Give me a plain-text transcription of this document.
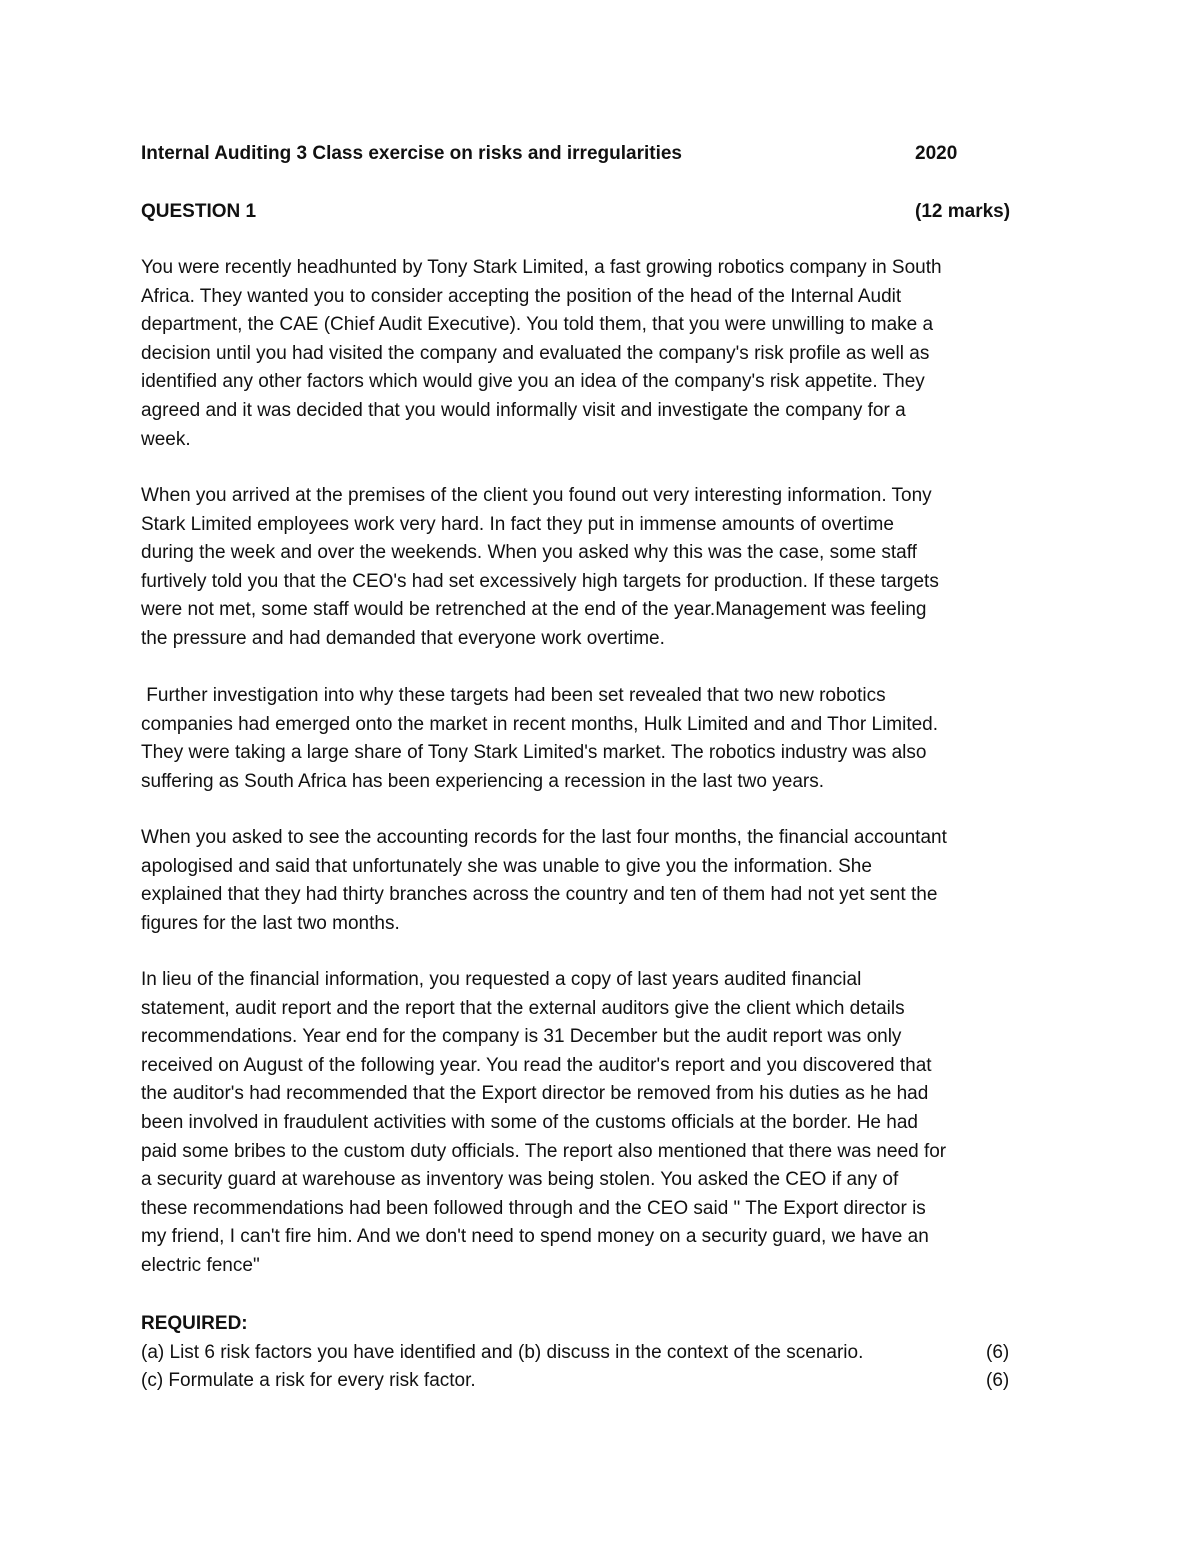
Internal Auditing 3 Class exercise on risks and irregularities	2020
QUESTION 1	(12 marks)
You were recently headhunted by Tony Stark Limited, a fast growing robotics company in South
Africa. They wanted you to consider accepting the position of the head of the Internal Audit
department, the CAE (Chief Audit Executive). You told them, that you were unwilling to make a
decision until you had visited the company and evaluated the company's risk profile as well as
identified any other factors which would give you an idea of the company's risk appetite. They
agreed and it was decided that you would informally visit and investigate the company for a
week.
When you arrived at the premises of the client you found out very interesting information. Tony
Stark Limited employees work very hard. In fact they put in immense amounts of overtime
during the week and over the weekends. When you asked why this was the case, some staff
furtively told you that the CEO's had set excessively high targets for production. If these targets
were not met, some staff would be retrenched at the end of the year.Management was feeling
the pressure and had demanded that everyone work overtime.
Further investigation into why these targets had been set revealed that two new robotics
companies had emerged onto the market in recent months, Hulk Limited and and Thor Limited.
They were taking a large share of Tony Stark Limited's market. The robotics industry was also
suffering as South Africa has been experiencing a recession in the last two years.
When you asked to see the accounting records for the last four months, the financial accountant
apologised and said that unfortunately she was unable to give you the information. She
explained that they had thirty branches across the country and ten of them had not yet sent the
figures for the last two months.
In lieu of the financial information, you requested a copy of last years audited financial
statement, audit report and the report that the external auditors give the client which details
recommendations. Year end for the company is 31 December but the audit report was only
received on August of the following year. You read the auditor's report and you discovered that
the auditor's had recommended that the Export director be removed from his duties as he had
been involved in fraudulent activities with some of the customs officials at the border. He had
paid some bribes to the custom duty officials. The report also mentioned that there was need for
a security guard at warehouse as inventory was being stolen. You asked the CEO if any of
these recommendations had been followed through and the CEO said " The Export director is
my friend, I can't fire him. And we don't need to spend money on a security guard, we have an
electric fence"
REQUIRED:
(a) List 6 risk factors you have identified and (b) discuss in the context of the scenario.	(6)
(c) Formulate a risk for every risk factor.	(6)
